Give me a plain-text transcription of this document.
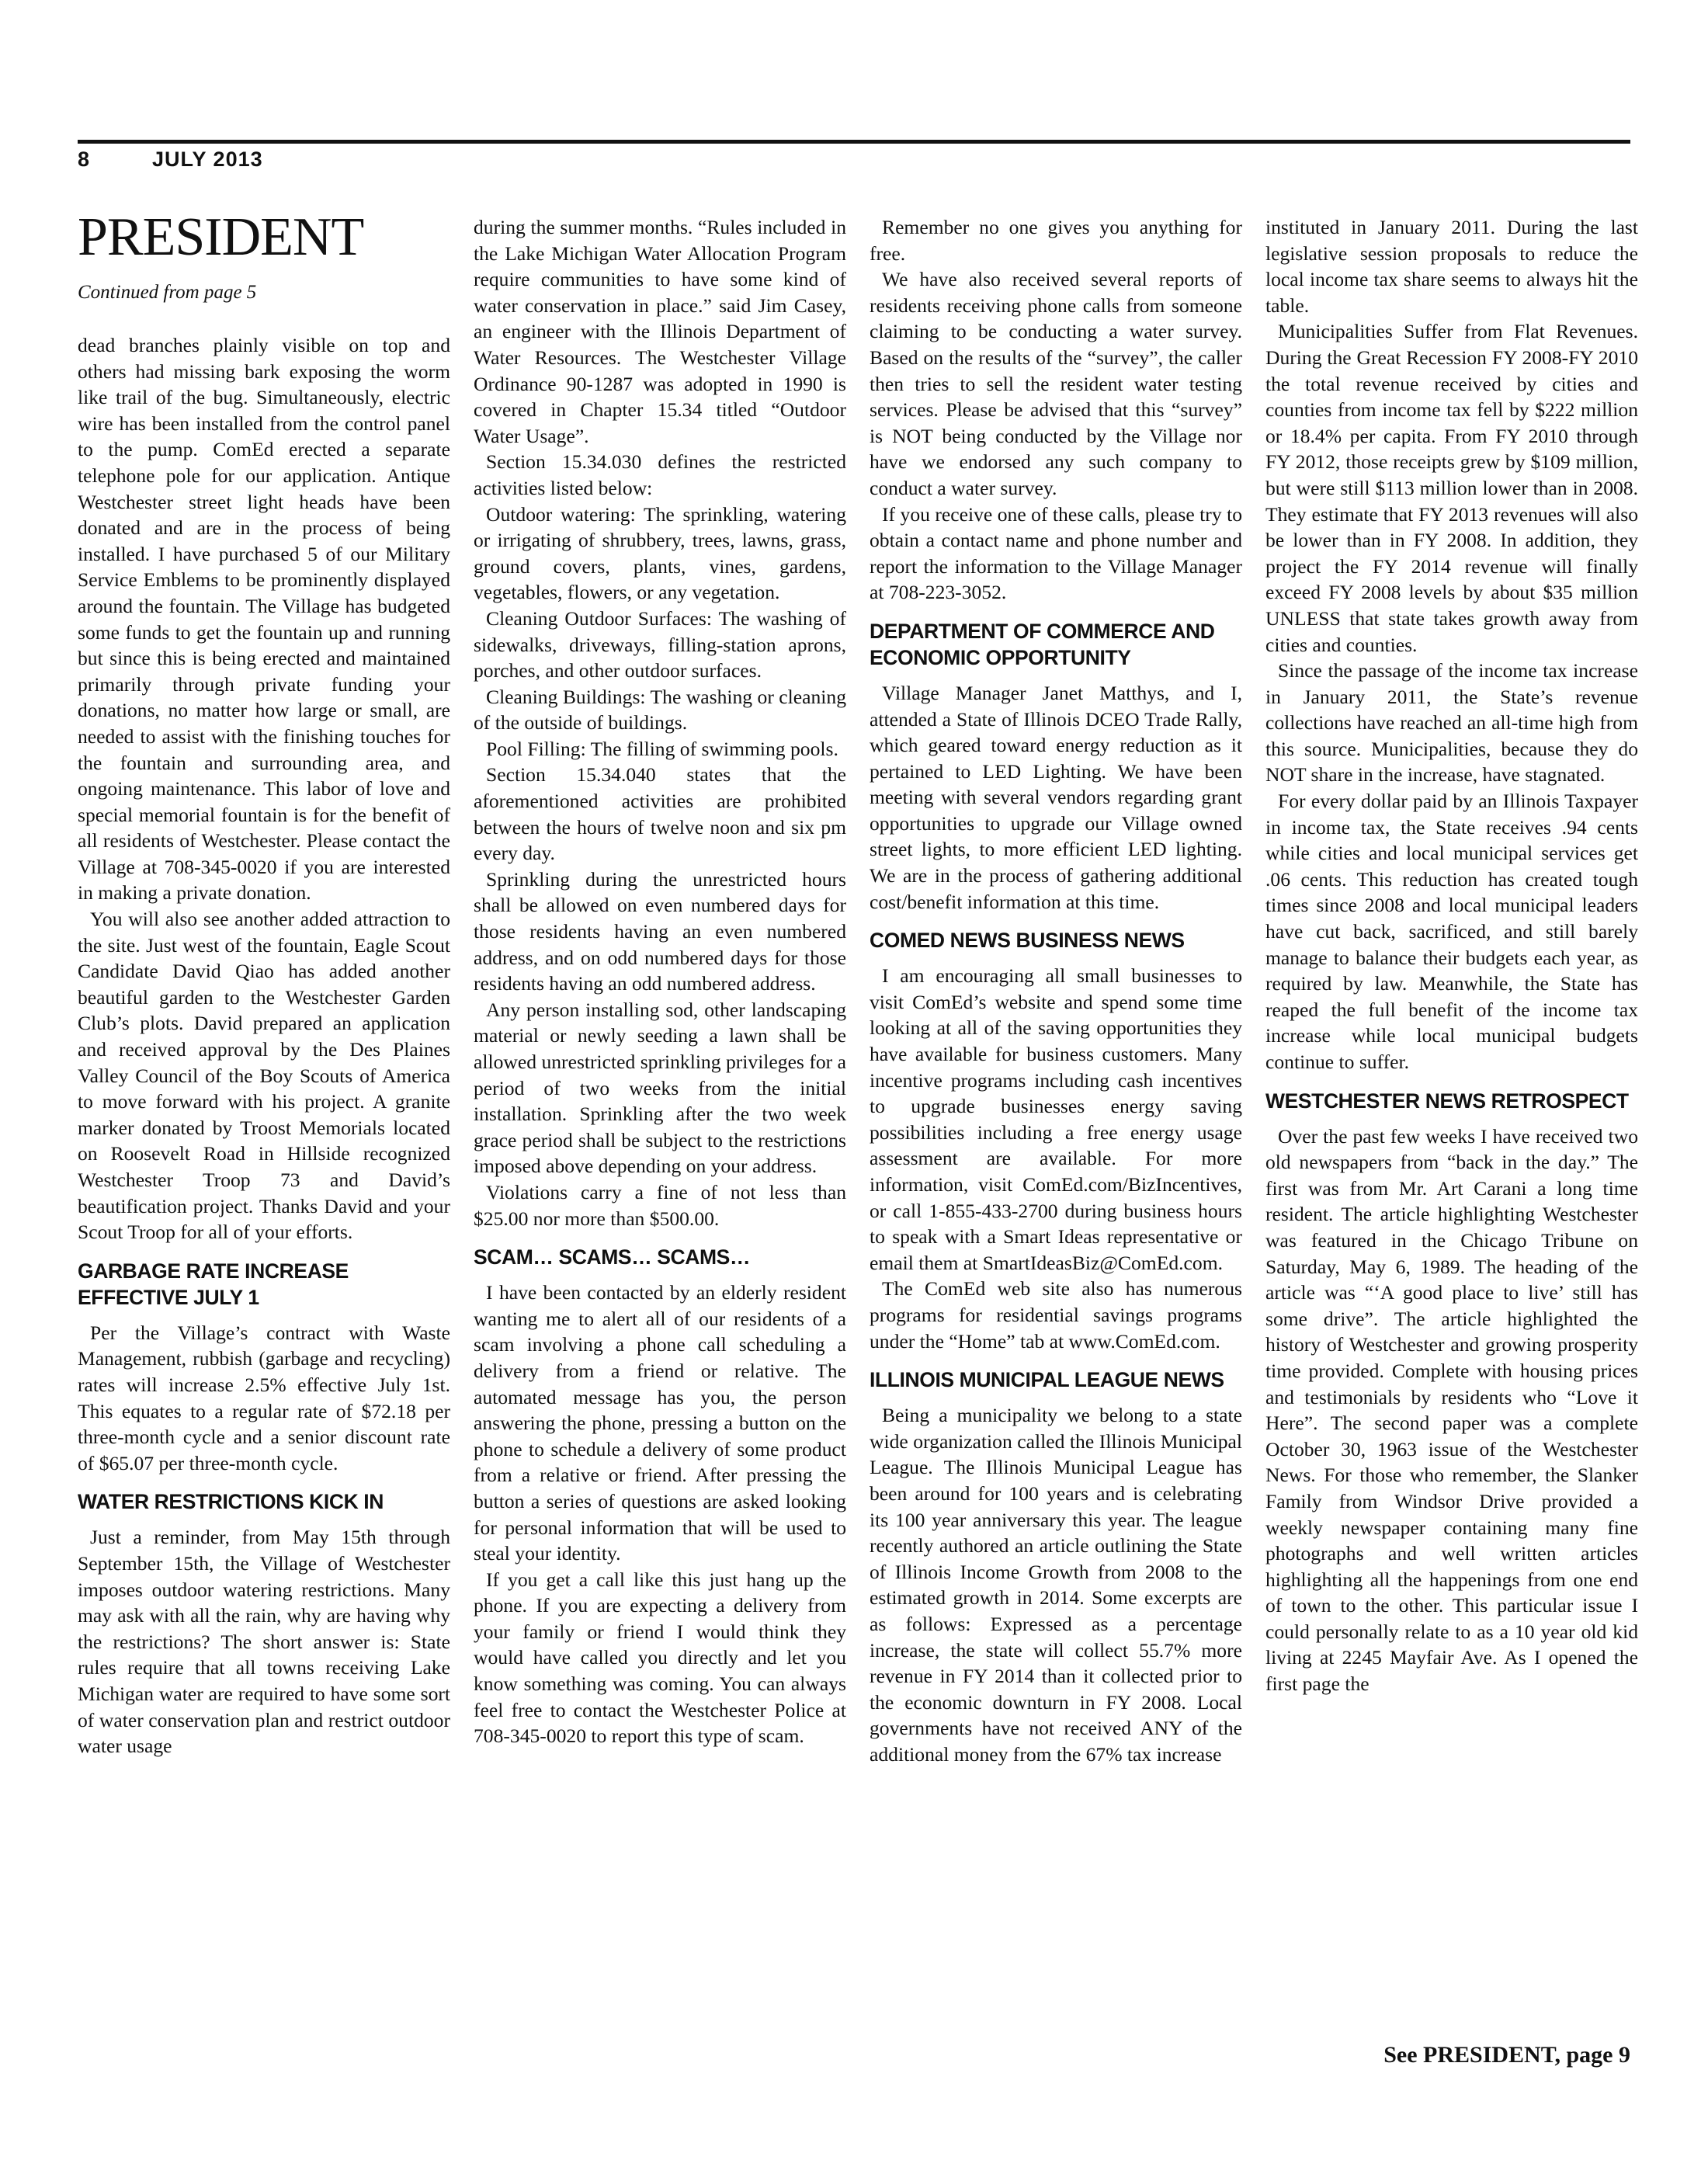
8	JULY 2013
PRESIDENT
Continued from page 5

dead branches plainly visible on top and others had missing bark exposing the worm like trail of the bug. Simultaneously, electric wire has been installed from the control panel to the pump. ComEd erected a separate telephone pole for our application. Antique Westchester street light heads have been donated and are in the process of being installed. I have purchased 5 of our Military Service Emblems to be prominently displayed around the fountain. The Village has budgeted some funds to get the fountain up and running but since this is being erected and maintained primarily through private funding your donations, no matter how large or small, are needed to assist with the finishing touches for the fountain and surrounding area, and ongoing maintenance. This labor of love and special memorial fountain is for the benefit of all residents of Westchester. Please contact the Village at 708-345-0020 if you are interested in making a private donation.

You will also see another added attraction to the site. Just west of the fountain, Eagle Scout Candidate David Qiao has added another beautiful garden to the Westchester Garden Club’s plots. David prepared an application and received approval by the Des Plaines Valley Council of the Boy Scouts of America to move forward with his project. A granite marker donated by Troost Memorials located on Roosevelt Road in Hillside recognized Westchester Troop 73 and David’s beautification project. Thanks David and your Scout Troop for all of your efforts.

GARBAGE RATE INCREASE EFFECTIVE JULY 1

Per the Village’s contract with Waste Management, rubbish (garbage and recycling) rates will increase 2.5% effective July 1st. This equates to a regular rate of $72.18 per three-month cycle and a senior discount rate of $65.07 per three-month cycle.

WATER RESTRICTIONS KICK IN

Just a reminder, from May 15th through September 15th, the Village of Westchester imposes outdoor watering restrictions. Many may ask with all the rain, why are having why the restrictions? The short answer is: State rules require that all towns receiving Lake Michigan water are required to have some sort of water conservation plan and restrict outdoor water usage

during the summer months. “Rules included in the Lake Michigan Water Allocation Program require communities to have some kind of water conservation in place.” said Jim Casey, an engineer with the Illinois Department of Water Resources. The Westchester Village Ordinance 90-1287 was adopted in 1990 is covered in Chapter 15.34 titled “Outdoor Water Usage”.

Section 15.34.030 defines the restricted activities listed below:

Outdoor watering: The sprinkling, watering or irrigating of shrubbery, trees, lawns, grass, ground covers, plants, vines, gardens, vegetables, flowers, or any vegetation.

Cleaning Outdoor Surfaces: The washing of sidewalks, driveways, filling-station aprons, porches, and other outdoor surfaces.

Cleaning Buildings: The washing or cleaning of the outside of buildings.

Pool Filling: The filling of swimming pools.

Section 15.34.040 states that the aforementioned activities are prohibited between the hours of twelve noon and six pm every day.

Sprinkling during the unrestricted hours shall be allowed on even numbered days for those residents having an even numbered address, and on odd numbered days for those residents having an odd numbered address.

Any person installing sod, other landscaping material or newly seeding a lawn shall be allowed unrestricted sprinkling privileges for a period of two weeks from the initial installation. Sprinkling after the two week grace period shall be subject to the restrictions imposed above depending on your address.

Violations carry a fine of not less than $25.00 nor more than $500.00.

SCAM… SCAMS… SCAMS…

I have been contacted by an elderly resident wanting me to alert all of our residents of a scam involving a phone call scheduling a delivery from a friend or relative. The automated message has you, the person answering the phone, pressing a button on the phone to schedule a delivery of some product from a relative or friend. After pressing the button a series of questions are asked looking for personal information that will be used to steal your identity.

If you get a call like this just hang up the phone. If you are expecting a delivery from your family or friend I would think they would have called you directly and let you know something was coming. You can always feel free to contact the Westchester Police at 708-345-0020 to report this type of scam.

Remember no one gives you anything for free.

We have also received several reports of residents receiving phone calls from someone claiming to be conducting a water survey. Based on the results of the “survey”, the caller then tries to sell the resident water testing services. Please be advised that this “survey” is NOT being conducted by the Village nor have we endorsed any such company to conduct a water survey.

If you receive one of these calls, please try to obtain a contact name and phone number and report the information to the Village Manager at 708-223-3052.

DEPARTMENT OF COMMERCE AND ECONOMIC OPPORTUNITY

Village Manager Janet Matthys, and I, attended a State of Illinois DCEO Trade Rally, which geared toward energy reduction as it pertained to LED Lighting. We have been meeting with several vendors regarding grant opportunities to upgrade our Village owned street lights, to more efficient LED lighting. We are in the process of gathering additional cost/benefit information at this time.

COMED NEWS BUSINESS NEWS

I am encouraging all small businesses to visit ComEd’s website and spend some time looking at all of the saving opportunities they have available for business customers. Many incentive programs including cash incentives to upgrade businesses energy saving possibilities including a free energy usage assessment are available. For more information, visit ComEd.com/BizIncentives, or call 1-855-433-2700 during business hours to speak with a Smart Ideas representative or email them at SmartIdeasBiz@ComEd.com.

The ComEd web site also has numerous programs for residential savings programs under the “Home” tab at www.ComEd.com.

ILLINOIS MUNICIPAL LEAGUE NEWS

Being a municipality we belong to a state wide organization called the Illinois Municipal League. The Illinois Municipal League has been around for 100 years and is celebrating its 100 year anniversary this year. The league recently authored an article outlining the State of Illinois Income Growth from 2008 to the estimated growth in 2014. Some excerpts are as follows: Expressed as a percentage increase, the state will collect 55.7% more revenue in FY 2014 than it collected prior to the economic downturn in FY 2008. Local governments have not received ANY of the additional money from the 67% tax increase

instituted in January 2011. During the last legislative session proposals to reduce the local income tax share seems to always hit the table.

Municipalities Suffer from Flat Revenues. During the Great Recession FY 2008-FY 2010 the total revenue received by cities and counties from income tax fell by $222 million or 18.4% per capita. From FY 2010 through FY 2012, those receipts grew by $109 million, but were still $113 million lower than in 2008. They estimate that FY 2013 revenues will also be lower than in FY 2008. In addition, they project the FY 2014 revenue will finally exceed FY 2008 levels by about $35 million UNLESS that state takes growth away from cities and counties.

Since the passage of the income tax increase in January 2011, the State’s revenue collections have reached an all-time high from this source. Municipalities, because they do NOT share in the increase, have stagnated.

For every dollar paid by an Illinois Taxpayer in income tax, the State receives .94 cents while cities and local municipal services get .06 cents. This reduction has created tough times since 2008 and local municipal leaders have cut back, sacrificed, and still barely manage to balance their budgets each year, as required by law. Meanwhile, the State has reaped the full benefit of the income tax increase while local municipal budgets continue to suffer.

WESTCHESTER NEWS RETROSPECT

Over the past few weeks I have received two old newspapers from “back in the day.” The first was from Mr. Art Carani a long time resident. The article highlighting Westchester was featured in the Chicago Tribune on Saturday, May 6, 1989. The heading of the article was “‘A good place to live’ still has some drive”. The article highlighted the history of Westchester and growing prosperity time provided. Complete with housing prices and testimonials by residents who “Love it Here”. The second paper was a complete October 30, 1963 issue of the Westchester News. For those who remember, the Slanker Family from Windsor Drive provided a weekly newspaper containing many fine photographs and well written articles highlighting all the happenings from one end of town to the other. This particular issue I could personally relate to as a 10 year old kid living at 2245 Mayfair Ave. As I opened the first page the

See PRESIDENT, page 9
